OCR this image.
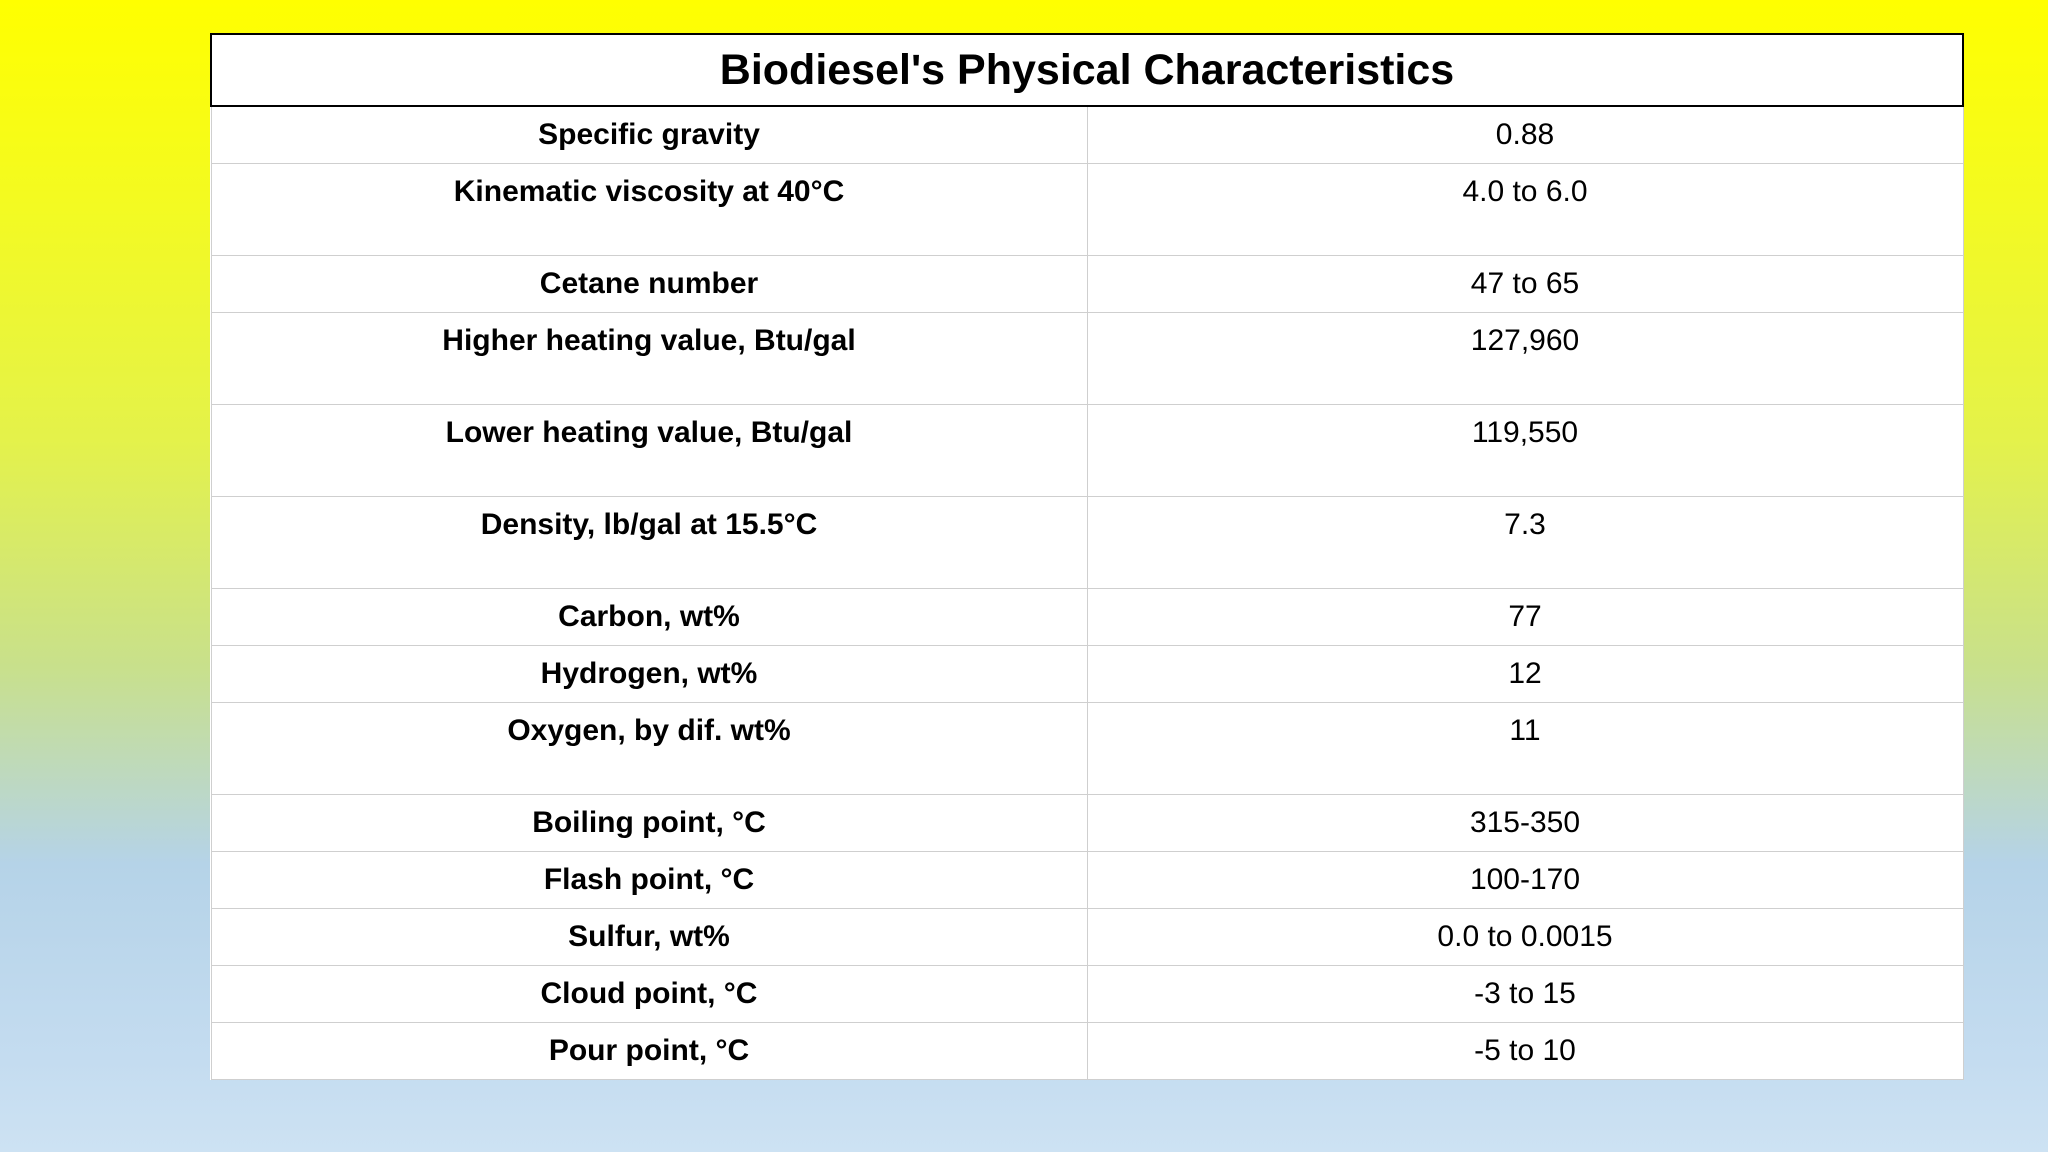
Biodiesel's Physical Characteristics	
Specific gravity	0.88
Kinematic viscosity at 40°C	4.0 to 6.0
Cetane number	47 to 65
Higher heating value, Btu/gal	127,960
Lower heating value, Btu/gal	119,550
Density, lb/gal at 15.5°C	7.3
Carbon, wt%	77
Hydrogen, wt%	12
Oxygen, by dif. wt%	11
Boiling point, °C	315-350
Flash point, °C	100-170
Sulfur, wt%	0.0 to 0.0015
Cloud point, °C	-3 to 15
Pour point, °C	-5 to 10
